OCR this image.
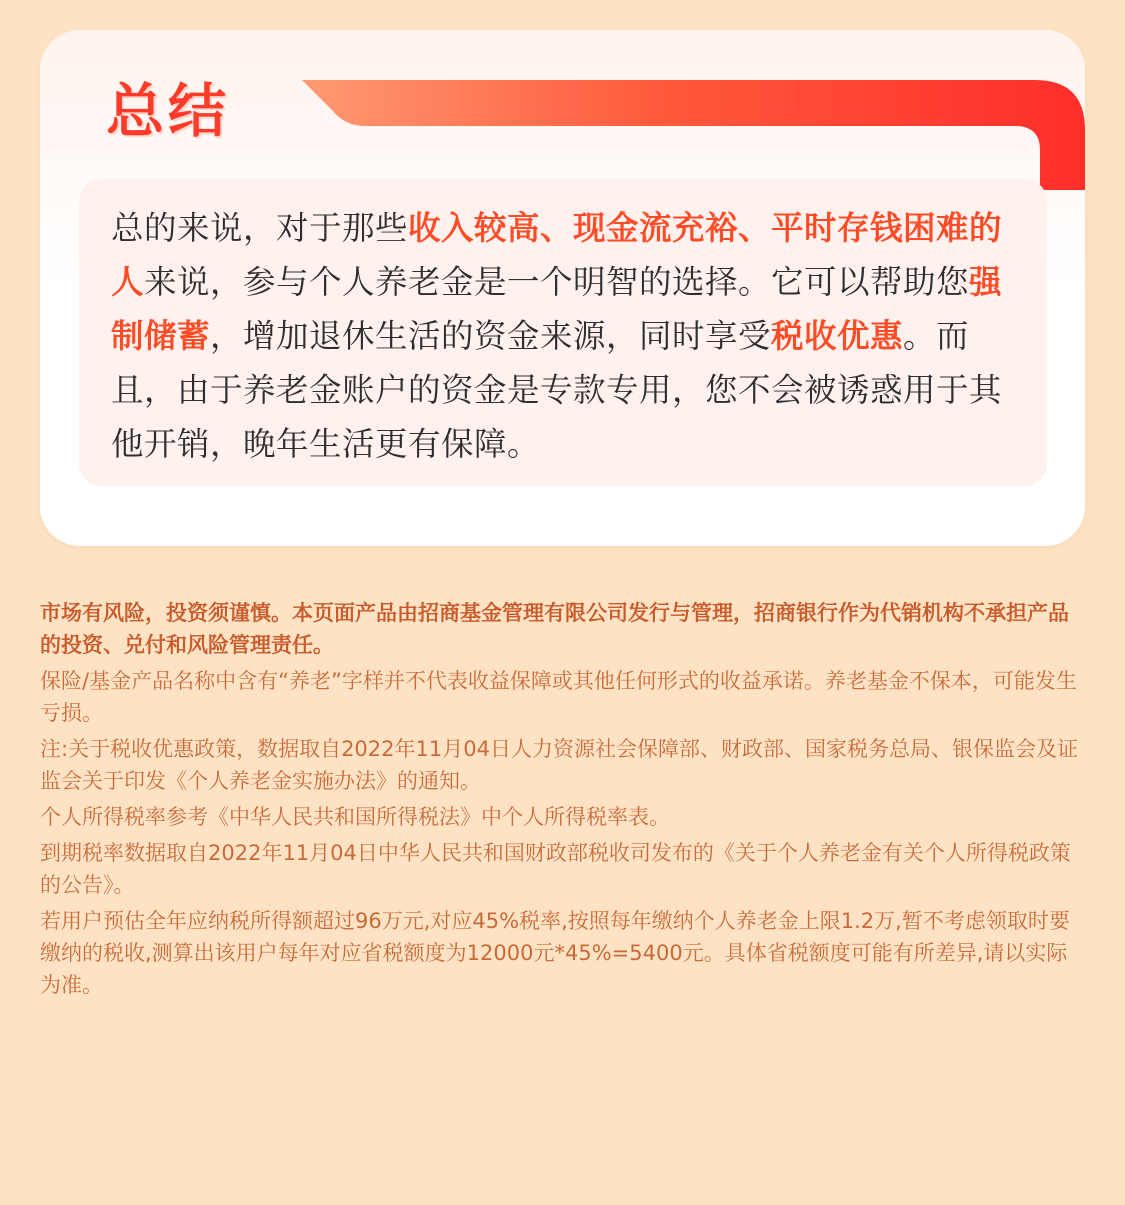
总结

总的来说，对于那些收入较高、现金流充裕、平时存钱困难的人来说，参与个人养老金是一个明智的选择。它可以帮助您强制储蓄，增加退休生活的资金来源，同时享受税收优惠。而且，由于养老金账户的资金是专款专用，您不会被诱惑用于其他开销，晚年生活更有保障。

市场有风险，投资须谨慎。本页面产品由招商基金管理有限公司发行与管理，招商银行作为代销机构不承担产品的投资、兑付和风险管理责任。

保险/基金产品名称中含有“养老”字样并不代表收益保障或其他任何形式的收益承诺。养老基金不保本，可能发生亏损。

注:关于税收优惠政策，数据取自2022年11月04日人力资源社会保障部、财政部、国家税务总局、银保监会及证监会关于印发《个人养老金实施办法》的通知。

个人所得税率参考《中华人民共和国所得税法》中个人所得税率表。

到期税率数据取自2022年11月04日中华人民共和国财政部税收司发布的《关于个人养老金有关个人所得税政策的公告》。

若用户预估全年应纳税所得额超过96万元,对应45%税率,按照每年缴纳个人养老金上限1.2万,暂不考虑领取时要缴纳的税收,测算出该用户每年对应省税额度为12000元*45%=5400元。具体省税额度可能有所差异,请以实际为准。
